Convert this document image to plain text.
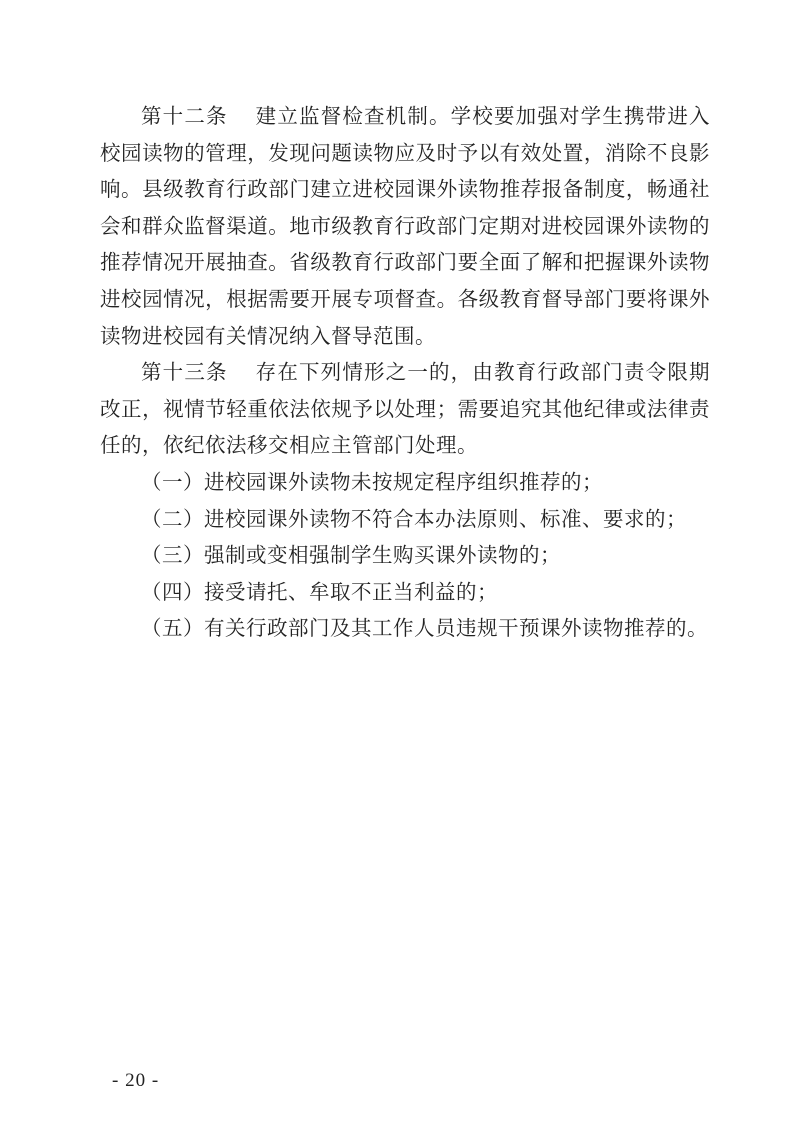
第十二条 建立监督检查机制。学校要加强对学生携带进入校园读物的管理，发现问题读物应及时予以有效处置，消除不良影响。县级教育行政部门建立进校园课外读物推荐报备制度，畅通社会和群众监督渠道。地市级教育行政部门定期对进校园课外读物的推荐情况开展抽查。省级教育行政部门要全面了解和把握课外读物进校园情况，根据需要开展专项督查。各级教育督导部门要将课外读物进校园有关情况纳入督导范围。

第十三条 存在下列情形之一的，由教育行政部门责令限期改正，视情节轻重依法依规予以处理；需要追究其他纪律或法律责任的，依纪依法移交相应主管部门处理。

（一）进校园课外读物未按规定程序组织推荐的；

（二）进校园课外读物不符合本办法原则、标准、要求的；

（三）强制或变相强制学生购买课外读物的；

（四）接受请托、牟取不正当利益的；

（五）有关行政部门及其工作人员违规干预课外读物推荐的。

- 20 -
